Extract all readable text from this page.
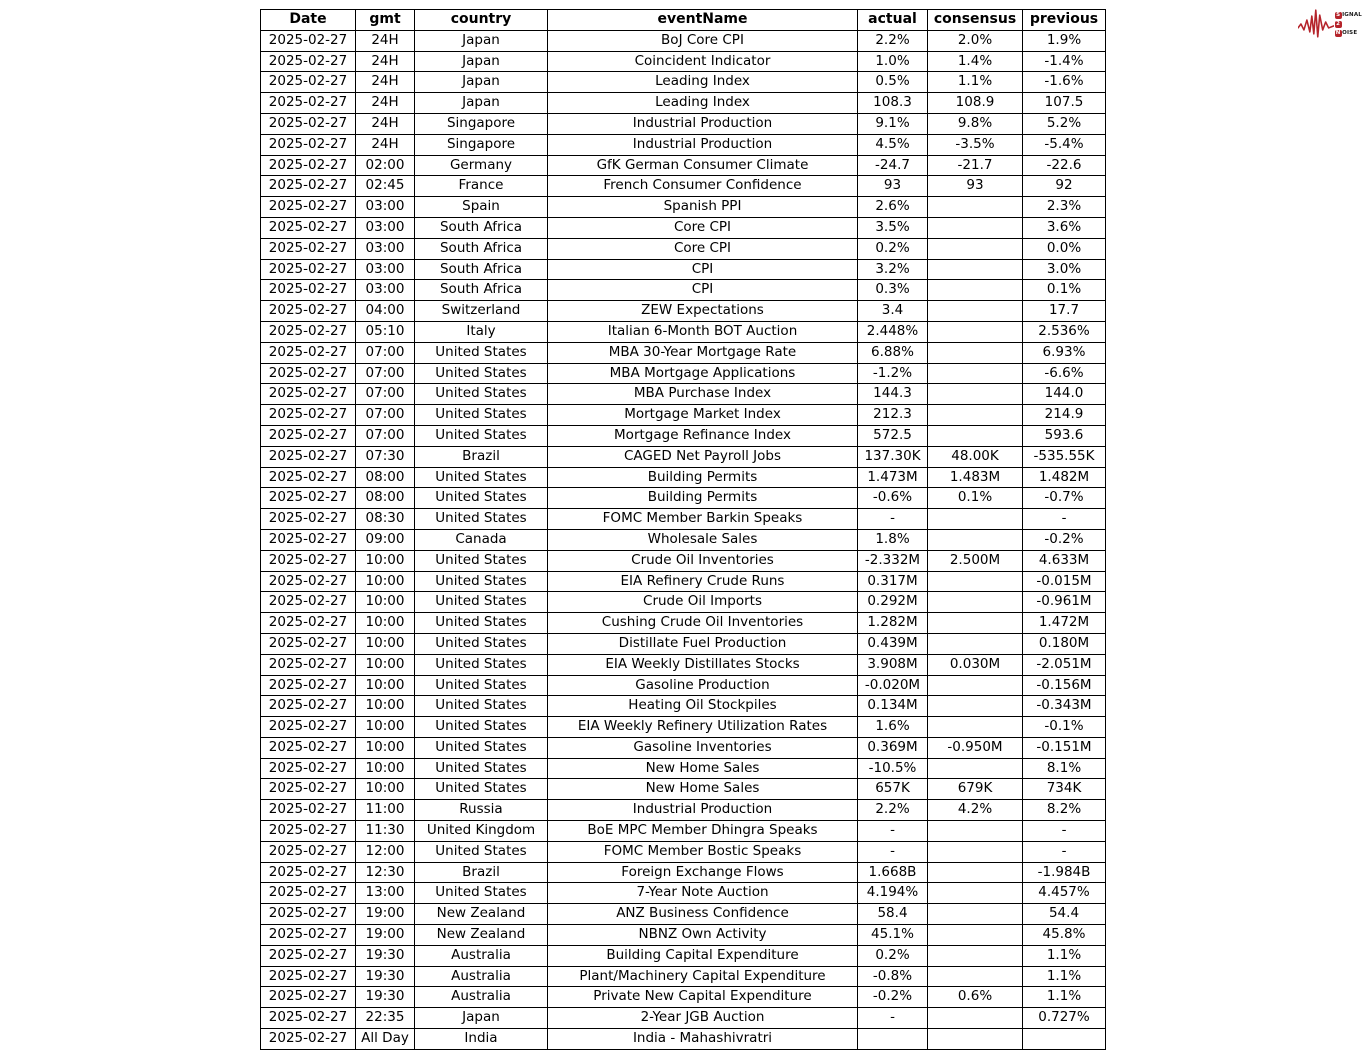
Date	gmt	country	eventName	actual	consensus	previous
2025-02-27	24H	Japan	BoJ Core CPI	2.2%	2.0%	1.9%
2025-02-27	24H	Japan	Coincident Indicator	1.0%	1.4%	-1.4%
2025-02-27	24H	Japan	Leading Index	0.5%	1.1%	-1.6%
2025-02-27	24H	Japan	Leading Index	108.3	108.9	107.5
2025-02-27	24H	Singapore	Industrial Production	9.1%	9.8%	5.2%
2025-02-27	24H	Singapore	Industrial Production	4.5%	-3.5%	-5.4%
2025-02-27	02:00	Germany	GfK German Consumer Climate	-24.7	-21.7	-22.6
2025-02-27	02:45	France	French Consumer Confidence	93	93	92
2025-02-27	03:00	Spain	Spanish PPI	2.6%		2.3%
2025-02-27	03:00	South Africa	Core CPI	3.5%		3.6%
2025-02-27	03:00	South Africa	Core CPI	0.2%		0.0%
2025-02-27	03:00	South Africa	CPI	3.2%		3.0%
2025-02-27	03:00	South Africa	CPI	0.3%		0.1%
2025-02-27	04:00	Switzerland	ZEW Expectations	3.4		17.7
2025-02-27	05:10	Italy	Italian 6-Month BOT Auction	2.448%		2.536%
2025-02-27	07:00	United States	MBA 30-Year Mortgage Rate	6.88%		6.93%
2025-02-27	07:00	United States	MBA Mortgage Applications	-1.2%		-6.6%
2025-02-27	07:00	United States	MBA Purchase Index	144.3		144.0
2025-02-27	07:00	United States	Mortgage Market Index	212.3		214.9
2025-02-27	07:00	United States	Mortgage Refinance Index	572.5		593.6
2025-02-27	07:30	Brazil	CAGED Net Payroll Jobs	137.30K	48.00K	-535.55K
2025-02-27	08:00	United States	Building Permits	1.473M	1.483M	1.482M
2025-02-27	08:00	United States	Building Permits	-0.6%	0.1%	-0.7%
2025-02-27	08:30	United States	FOMC Member Barkin Speaks	-		-
2025-02-27	09:00	Canada	Wholesale Sales	1.8%		-0.2%
2025-02-27	10:00	United States	Crude Oil Inventories	-2.332M	2.500M	4.633M
2025-02-27	10:00	United States	EIA Refinery Crude Runs	0.317M		-0.015M
2025-02-27	10:00	United States	Crude Oil Imports	0.292M		-0.961M
2025-02-27	10:00	United States	Cushing Crude Oil Inventories	1.282M		1.472M
2025-02-27	10:00	United States	Distillate Fuel Production	0.439M		0.180M
2025-02-27	10:00	United States	EIA Weekly Distillates Stocks	3.908M	0.030M	-2.051M
2025-02-27	10:00	United States	Gasoline Production	-0.020M		-0.156M
2025-02-27	10:00	United States	Heating Oil Stockpiles	0.134M		-0.343M
2025-02-27	10:00	United States	EIA Weekly Refinery Utilization Rates	1.6%		-0.1%
2025-02-27	10:00	United States	Gasoline Inventories	0.369M	-0.950M	-0.151M
2025-02-27	10:00	United States	New Home Sales	-10.5%		8.1%
2025-02-27	10:00	United States	New Home Sales	657K	679K	734K
2025-02-27	11:00	Russia	Industrial Production	2.2%	4.2%	8.2%
2025-02-27	11:30	United Kingdom	BoE MPC Member Dhingra Speaks	-		-
2025-02-27	12:00	United States	FOMC Member Bostic Speaks	-		-
2025-02-27	12:30	Brazil	Foreign Exchange Flows	1.668B		-1.984B
2025-02-27	13:00	United States	7-Year Note Auction	4.194%		4.457%
2025-02-27	19:00	New Zealand	ANZ Business Confidence	58.4		54.4
2025-02-27	19:00	New Zealand	NBNZ Own Activity	45.1%		45.8%
2025-02-27	19:30	Australia	Building Capital Expenditure	0.2%		1.1%
2025-02-27	19:30	Australia	Plant/Machinery Capital Expenditure	-0.8%		1.1%
2025-02-27	19:30	Australia	Private New Capital Expenditure	-0.2%	0.6%	1.1%
2025-02-27	22:35	Japan	2-Year JGB Auction	-		0.727%
2025-02-27	All Day	India	India - Mahashivratri			
S IGNAL
2
N OISE
